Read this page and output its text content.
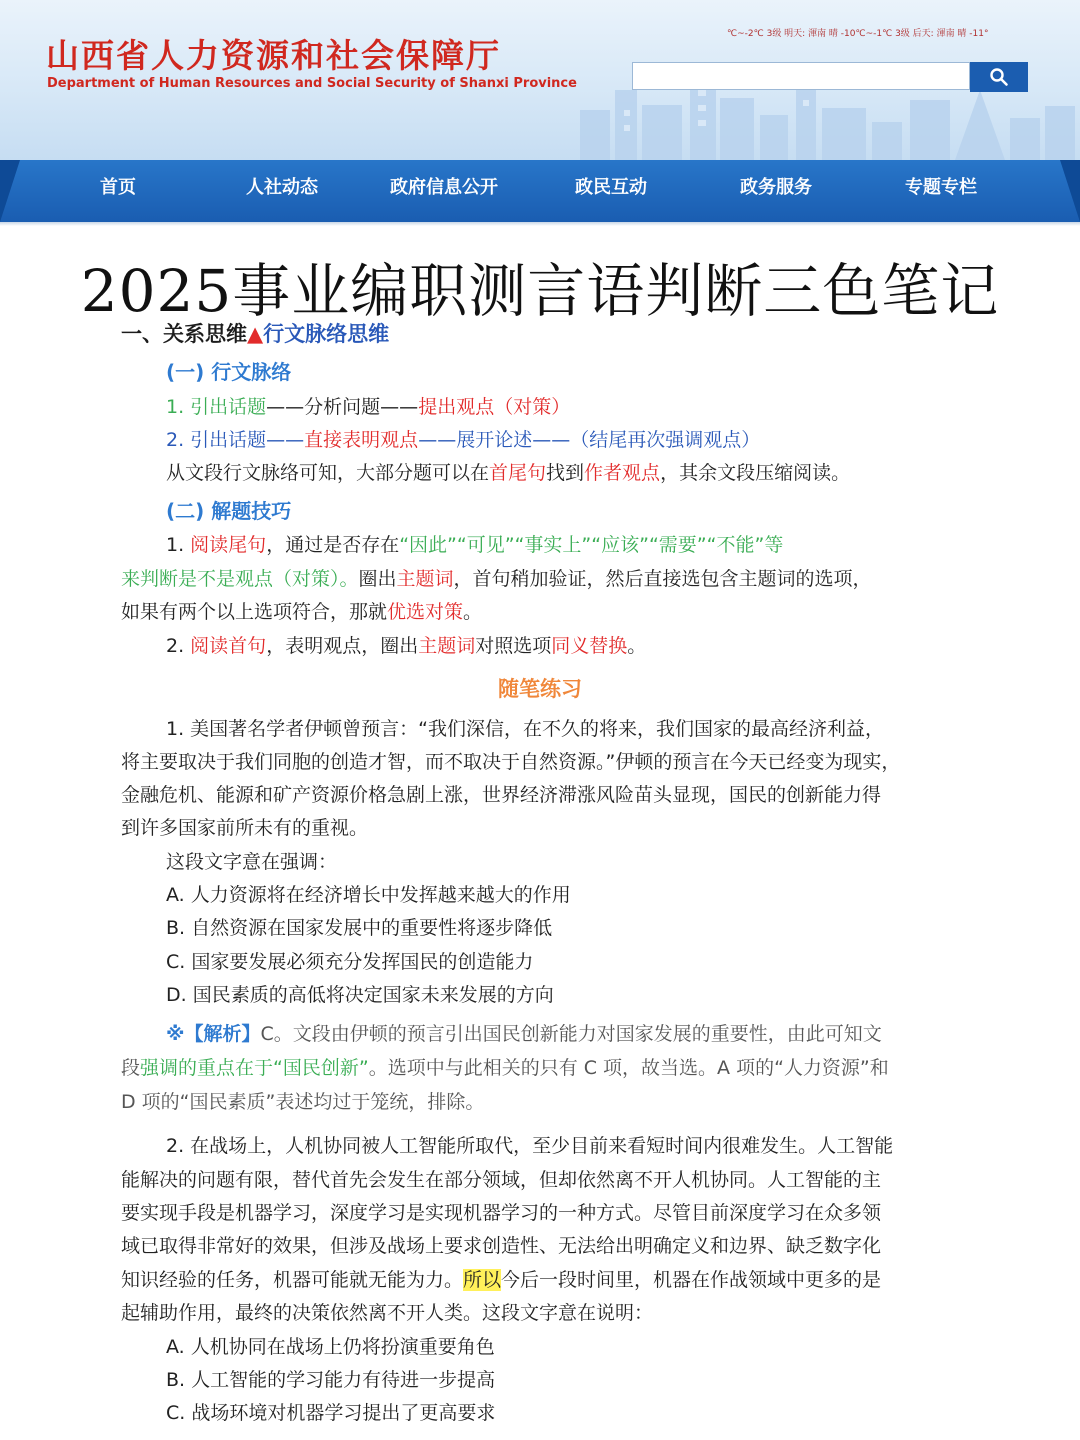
山西省人力资源和社会保障厅
Department of Human Resources and Social Security of Shanxi Province
℃~-2℃ 3级 明天: 渾南 晴 -10℃~-1℃ 3级 后天: 渾南 晴 -11°
首页	人社动态	政府信息公开	政民互动	政务服务	专题专栏
2025事业编职测言语判断三色笔记
一、关系思维▲行文脉络思维
(一) 行文脉络
1. 引出话题——分析问题——提出观点（对策）
2. 引出话题——直接表明观点——展开论述——（结尾再次强调观点）
从文段行文脉络可知，大部分题可以在首尾句找到作者观点，其余文段压缩阅读。
(二) 解题技巧
1. 阅读尾句，通过是否存在“因此”“可见”“事实上”“应该”“需要”“不能”等
来判断是不是观点（对策）。圈出主题词，首句稍加验证，然后直接选包含主题词的选项，
如果有两个以上选项符合，那就优选对策。
2. 阅读首句，表明观点，圈出主题词对照选项同义替换。
随笔练习
1. 美国著名学者伊顿曾预言：“我们深信，在不久的将来，我们国家的最高经济利益，
将主要取决于我们同胞的创造才智，而不取决于自然资源。”伊顿的预言在今天已经变为现实，
金融危机、能源和矿产资源价格急剧上涨，世界经济滞涨风险苗头显现，国民的创新能力得
到许多国家前所未有的重视。
这段文字意在强调：
A. 人力资源将在经济增长中发挥越来越大的作用
B. 自然资源在国家发展中的重要性将逐步降低
C. 国家要发展必须充分发挥国民的创造能力
D. 国民素质的高低将决定国家未来发展的方向
※【解析】C。文段由伊顿的预言引出国民创新能力对国家发展的重要性，由此可知文
段强调的重点在于“国民创新”。选项中与此相关的只有 C 项，故当选。A 项的“人力资源”和
D 项的“国民素质”表述均过于笼统，排除。
2. 在战场上，人机协同被人工智能所取代，至少目前来看短时间内很难发生。人工智能
能解决的问题有限，替代首先会发生在部分领域，但却依然离不开人机协同。人工智能的主
要实现手段是机器学习，深度学习是实现机器学习的一种方式。尽管目前深度学习在众多领
域已取得非常好的效果，但涉及战场上要求创造性、无法给出明确定义和边界、缺乏数字化
知识经验的任务，机器可能就无能为力。所以今后一段时间里，机器在作战领域中更多的是
起辅助作用，最终的决策依然离不开人类。这段文字意在说明：
A. 人机协同在战场上仍将扮演重要角色
B. 人工智能的学习能力有待进一步提高
C. 战场环境对机器学习提出了更高要求
